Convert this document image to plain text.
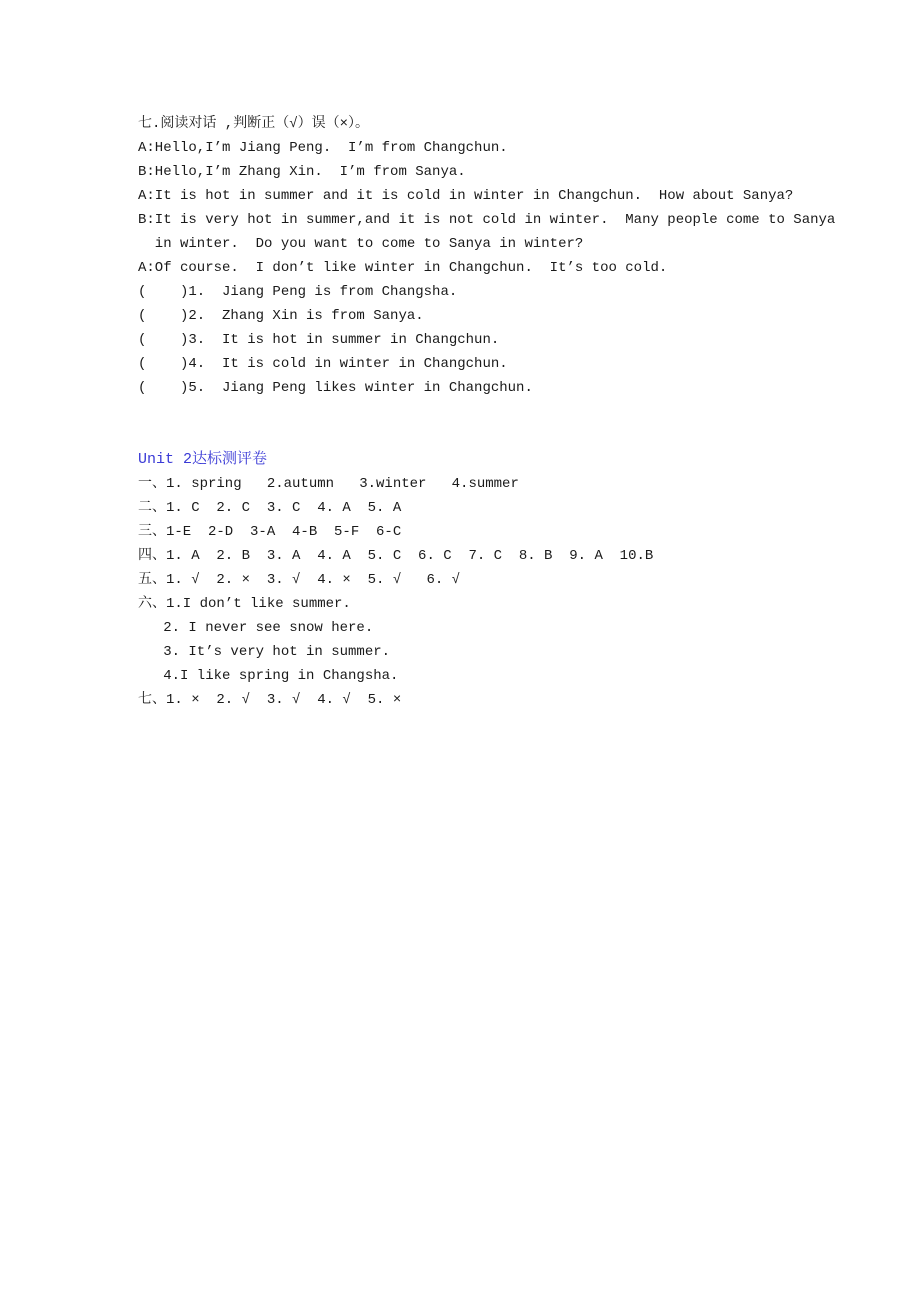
七.阅读对话 ,判断正（√）误（×）。
A:Hello,I’m Jiang Peng.  I’m from Changchun.
B:Hello,I’m Zhang Xin.  I’m from Sanya.
A:It is hot in summer and it is cold in winter in Changchun.  How about Sanya?
B:It is very hot in summer,and it is not cold in winter.  Many people come to Sanya
in winter.  Do you want to come to Sanya in winter?
A:Of course.  I don’t like winter in Changchun.  It’s too cold.
(    )1.  Jiang Peng is from Changsha.
(    )2.  Zhang Xin is from Sanya.
(    )3.  It is hot in summer in Changchun.
(    )4.  It is cold in winter in Changchun.
(    )5.  Jiang Peng likes winter in Changchun.
Unit 2达标测评卷
一、1. spring   2.autumn   3.winter   4.summer
二、1. C  2. C  3. C  4. A  5. A
三、1-E  2-D  3-A  4-B  5-F  6-C
四、1. A  2. B  3. A  4. A  5. C  6. C  7. C  8. B  9. A  10.B
五、1. √  2. ×  3. √  4. ×  5. √   6. √
六、1.I don’t like summer.
2. I never see snow here.
3. It’s very hot in summer.
4.I like spring in Changsha.
七、1. ×  2. √  3. √  4. √  5. ×
